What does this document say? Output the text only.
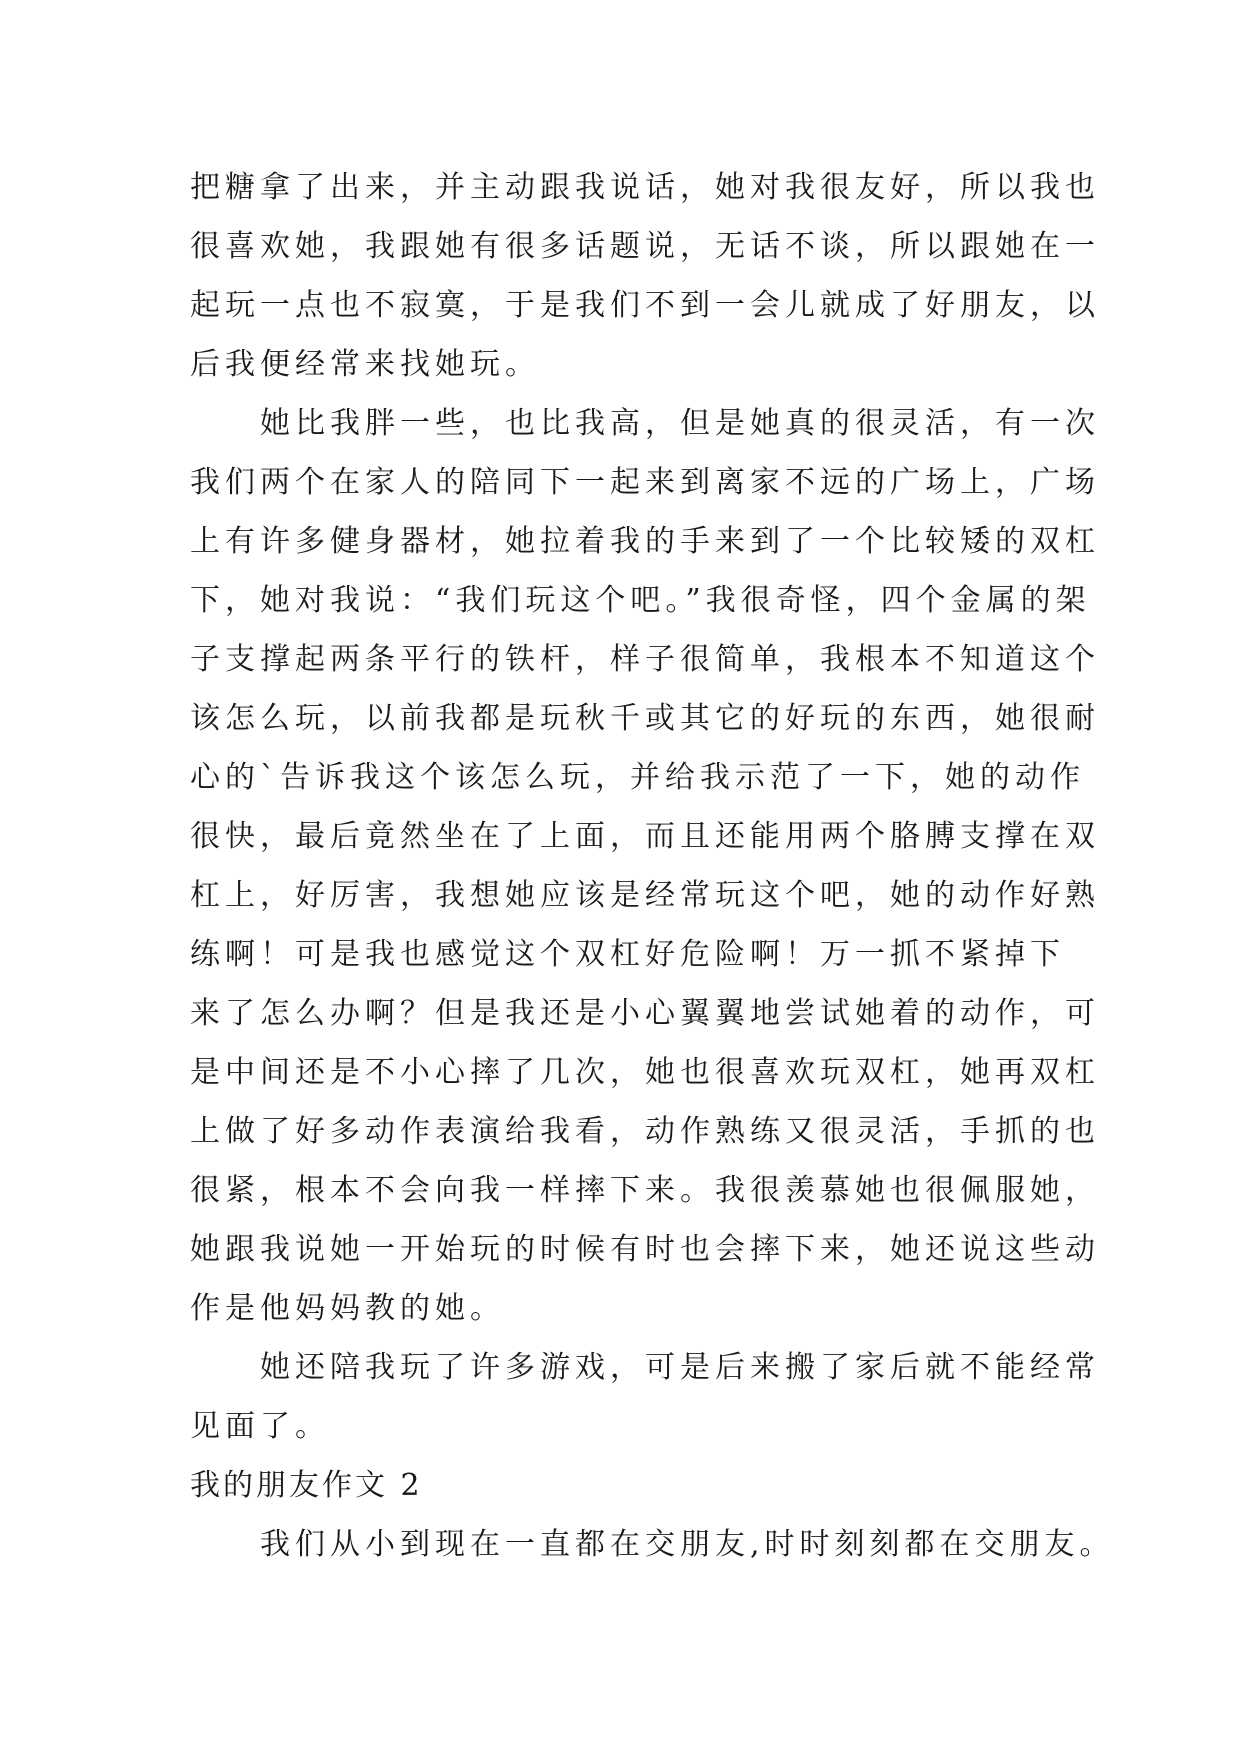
把糖拿了出来，并主动跟我说话，她对我很友好，所以我也
很喜欢她，我跟她有很多话题说，无话不谈，所以跟她在一
起玩一点也不寂寞，于是我们不到一会儿就成了好朋友，以
后我便经常来找她玩。
　　她比我胖一些，也比我高，但是她真的很灵活，有一次
我们两个在家人的陪同下一起来到离家不远的广场上，广场
上有许多健身器材，她拉着我的手来到了一个比较矮的双杠
下，她对我说：“我们玩这个吧。”我很奇怪，四个金属的架
子支撑起两条平行的铁杆，样子很简单，我根本不知道这个
该怎么玩，以前我都是玩秋千或其它的好玩的东西，她很耐
心的`告诉我这个该怎么玩，并给我示范了一下，她的动作
很快，最后竟然坐在了上面，而且还能用两个胳膊支撑在双
杠上，好厉害，我想她应该是经常玩这个吧，她的动作好熟
练啊！可是我也感觉这个双杠好危险啊！万一抓不紧掉下
来了怎么办啊？但是我还是小心翼翼地尝试她着的动作，可
是中间还是不小心摔了几次，她也很喜欢玩双杠，她再双杠
上做了好多动作表演给我看，动作熟练又很灵活，手抓的也
很紧，根本不会向我一样摔下来。我很羡慕她也很佩服她，
她跟我说她一开始玩的时候有时也会摔下来，她还说这些动
作是他妈妈教的她。
　　她还陪我玩了许多游戏，可是后来搬了家后就不能经常
见面了。
我的朋友作文 2
　　我们从小到现在一直都在交朋友,时时刻刻都在交朋友。
